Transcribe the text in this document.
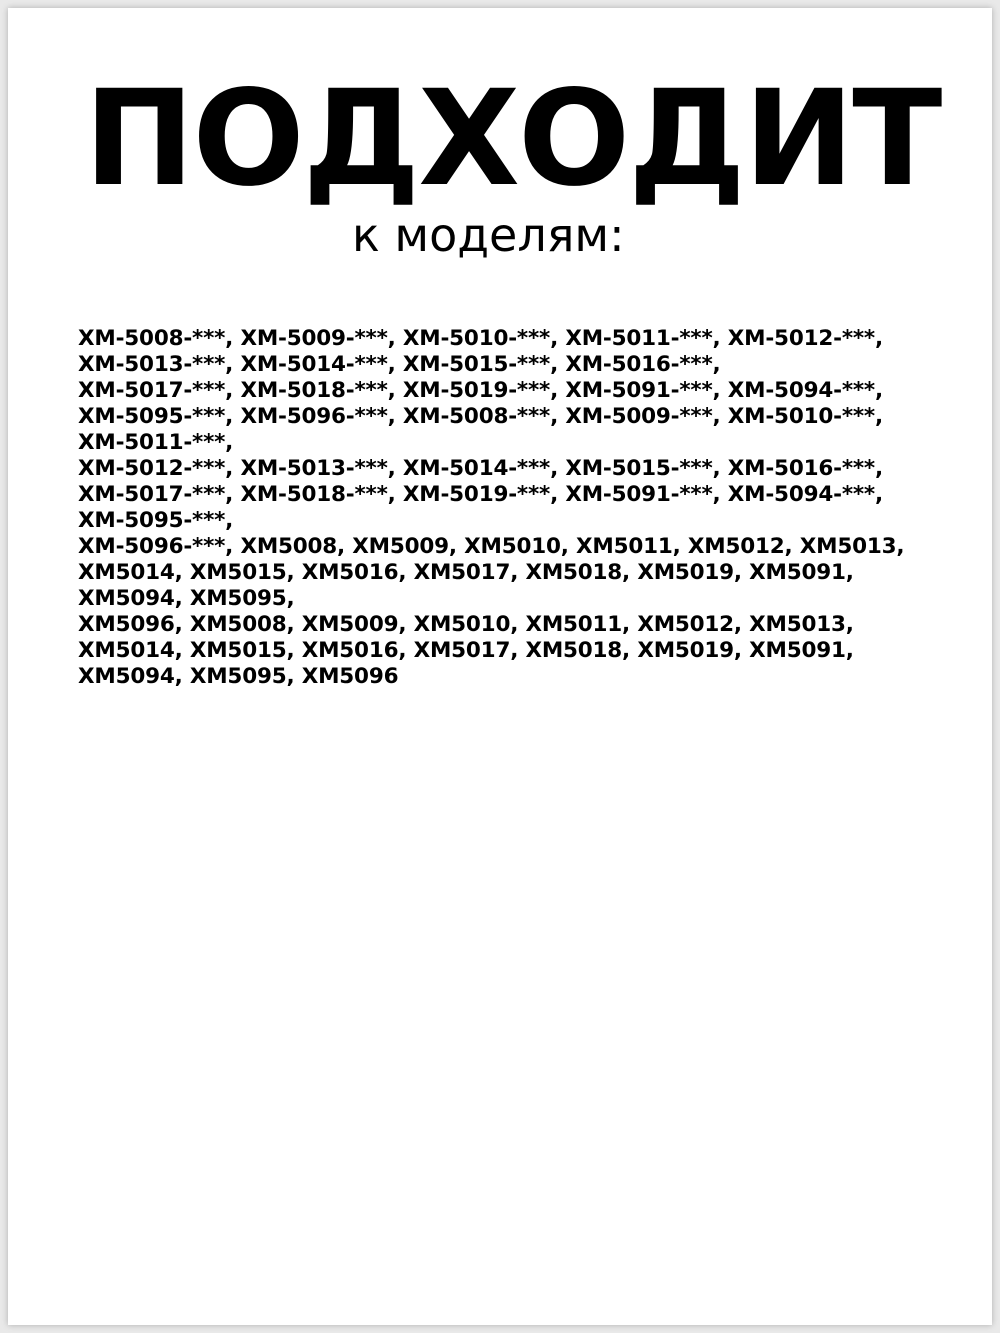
ПОДХОДИТ
к моделям:
XM-5008-***, XM-5009-***, XM-5010-***, XM-5011-***, XM-5012-***,
XM-5013-***, XM-5014-***, XM-5015-***, XM-5016-***,
XM-5017-***, XM-5018-***, XM-5019-***, XM-5091-***, XM-5094-***,
XM-5095-***, XM-5096-***, XM-5008-***, XM-5009-***, XM-5010-***,
XM-5011-***,
XM-5012-***, XM-5013-***, XM-5014-***, XM-5015-***, XM-5016-***,
XM-5017-***, XM-5018-***, XM-5019-***, XM-5091-***, XM-5094-***,
XM-5095-***,
XM-5096-***, XM5008, XM5009, XM5010, XM5011, XM5012, XM5013,
XM5014, XM5015, XM5016, XM5017, XM5018, XM5019, XM5091,
XM5094, XM5095,
XM5096, XM5008, XM5009, XM5010, XM5011, XM5012, XM5013,
XM5014, XM5015, XM5016, XM5017, XM5018, XM5019, XM5091,
XM5094, XM5095, XM5096
